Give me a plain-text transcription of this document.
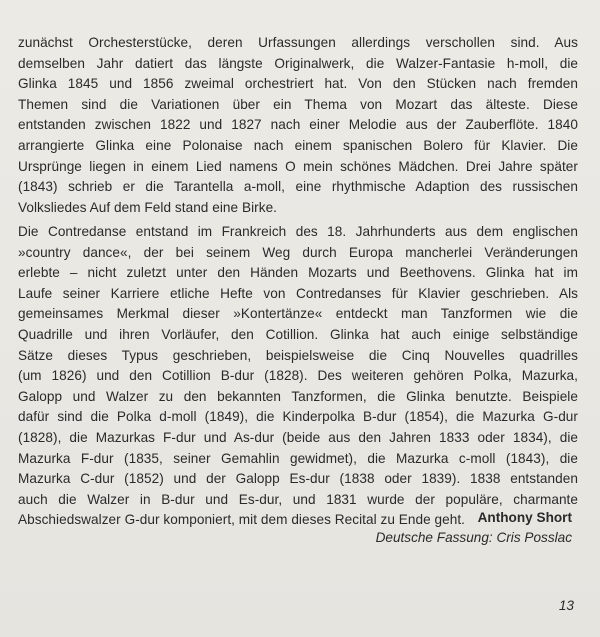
zunächst Orchesterstücke, deren Urfassungen allerdings verschollen sind. Aus
demselben Jahr datiert das längste Originalwerk, die Walzer-Fantasie h-moll, die
Glinka 1845 und 1856 zweimal orchestriert hat. Von den Stücken nach fremden
Themen sind die Variationen über ein Thema von Mozart das älteste. Diese
entstanden zwischen 1822 und 1827 nach einer Melodie aus der Zauberflöte. 1840
arrangierte Glinka eine Polonaise nach einem spanischen Bolero für Klavier. Die
Ursprünge liegen in einem Lied namens O mein schönes Mädchen. Drei Jahre später
(1843) schrieb er die Tarantella a-moll, eine rhythmische Adaption des russischen
Volksliedes Auf dem Feld stand eine Birke.
Die Contredanse entstand im Frankreich des 18. Jahrhunderts aus dem englischen
»country dance«, der bei seinem Weg durch Europa mancherlei Veränderungen
erlebte – nicht zuletzt unter den Händen Mozarts und Beethovens. Glinka hat im
Laufe seiner Karriere etliche Hefte von Contredanses für Klavier geschrieben. Als
gemeinsames Merkmal dieser »Kontertänze« entdeckt man Tanzformen wie die
Quadrille und ihren Vorläufer, den Cotillion. Glinka hat auch einige selbständige
Sätze dieses Typus geschrieben, beispielsweise die Cinq Nouvelles quadrilles
(um 1826) und den Cotillion B-dur (1828). Des weiteren gehören Polka, Mazurka,
Galopp und Walzer zu den bekannten Tanzformen, die Glinka benutzte. Beispiele
dafür sind die Polka d-moll (1849), die Kinderpolka B-dur (1854), die Mazurka G-dur
(1828), die Mazurkas F-dur und As-dur (beide aus den Jahren 1833 oder 1834), die
Mazurka F-dur (1835, seiner Gemahlin gewidmet), die Mazurka c-moll (1843), die
Mazurka C-dur (1852) und der Galopp Es-dur (1838 oder 1839). 1838 entstanden
auch die Walzer in B-dur und Es-dur, und 1831 wurde der populäre, charmante
Abschiedswalzer G-dur komponiert, mit dem dieses Recital zu Ende geht. Anthony Short
Deutsche Fassung: Cris Posslac
13
